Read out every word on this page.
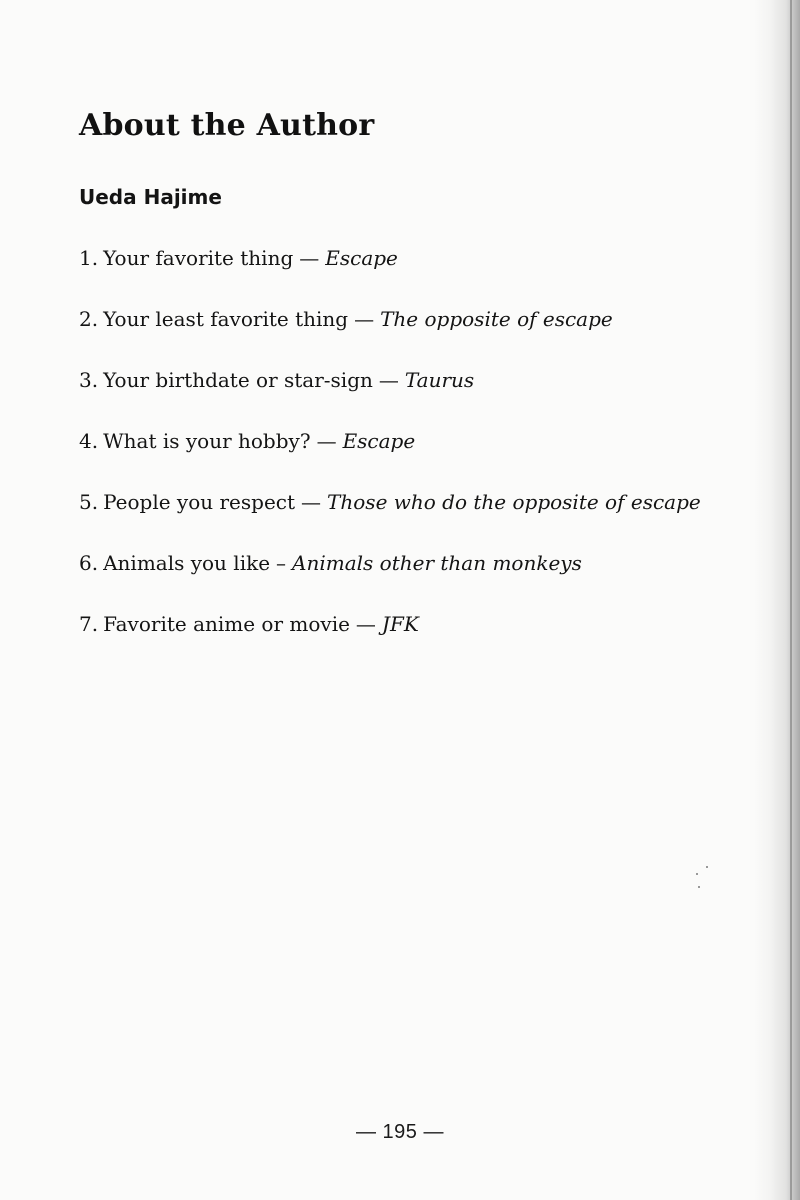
About the Author
Ueda Hajime
1. Your favorite thing — Escape
2. Your least favorite thing — The opposite of escape
3. Your birthdate or star-sign — Taurus
4. What is your hobby? — Escape
5. People you respect — Those who do the opposite of escape
6. Animals you like – Animals other than monkeys
7. Favorite anime or movie — JFK
— 195 —
